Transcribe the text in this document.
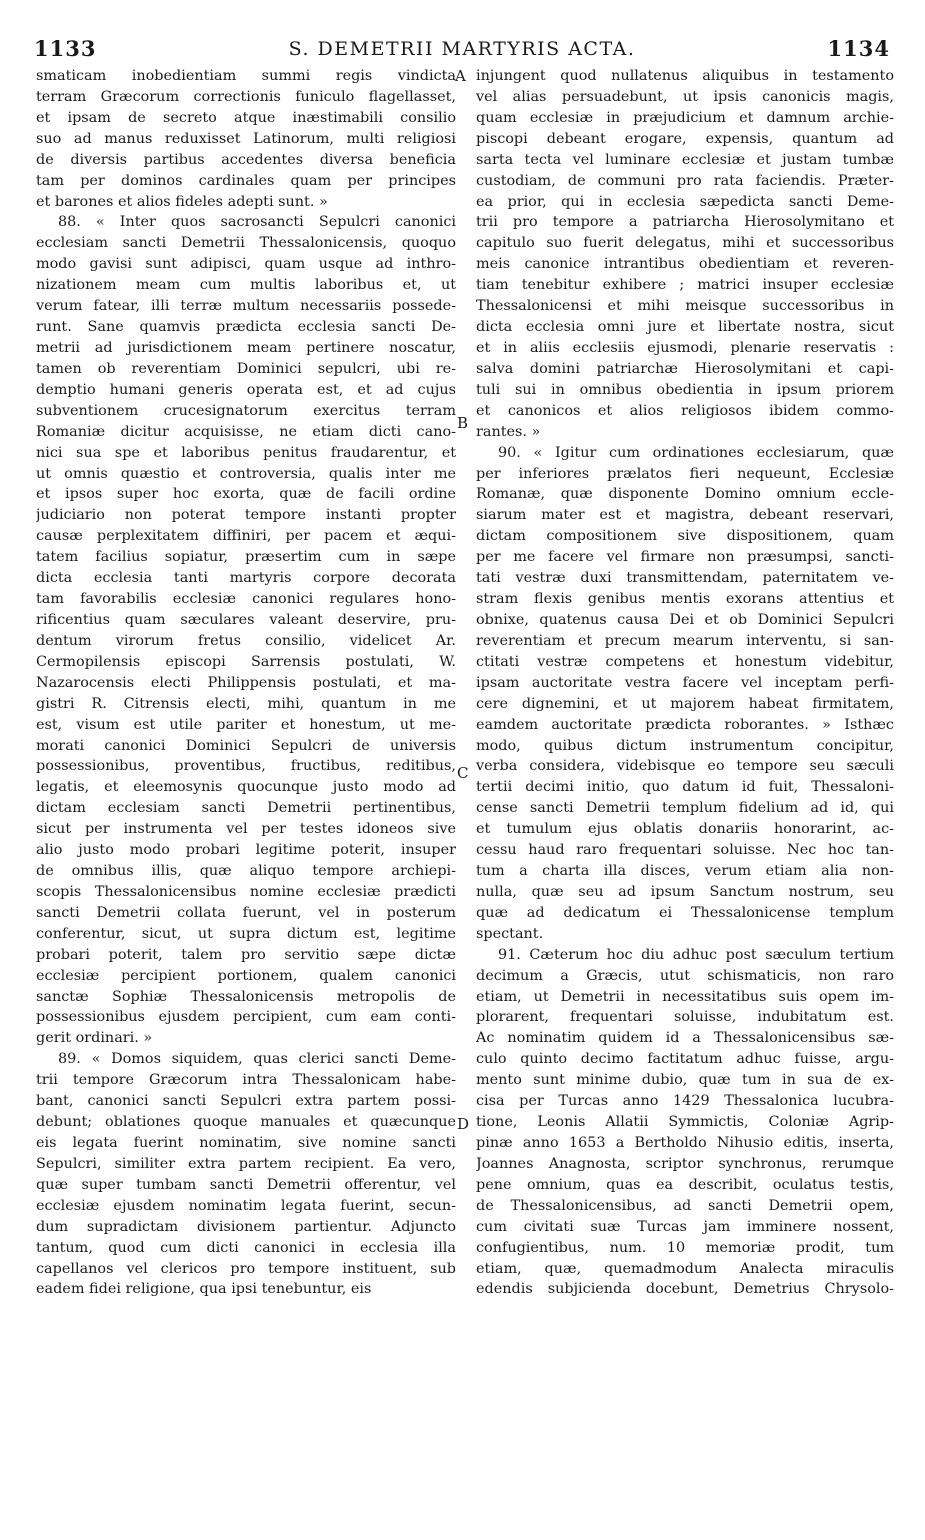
1133	S. DEMETRII MARTYRIS ACTA.	1134
smaticam inobedientiam summi regis vindicta
terram Græcorum correctionis funiculo flagellasset,
et ipsam de secreto atque inæstimabili consilio
suo ad manus reduxisset Latinorum, multi religiosi
de diversis partibus accedentes diversa beneficia
tam per dominos cardinales quam per principes
et barones et alios fideles adepti sunt. »
88. « Inter quos sacrosancti Sepulcri canonici
ecclesiam sancti Demetrii Thessalonicensis, quoquo
modo gavisi sunt adipisci, quam usque ad inthro-
nizationem meam cum multis laboribus et, ut
verum fatear, illi terræ multum necessariis possede-
runt. Sane quamvis prædicta ecclesia sancti De-
metrii ad jurisdictionem meam pertinere noscatur,
tamen ob reverentiam Dominici sepulcri, ubi re-
demptio humani generis operata est, et ad cujus
subventionem crucesignatorum exercitus terram
Romaniæ dicitur acquisisse, ne etiam dicti cano-
nici sua spe et laboribus penitus fraudarentur, et
ut omnis quæstio et controversia, qualis inter me
et ipsos super hoc exorta, quæ de facili ordine
judiciario non poterat tempore instanti propter
causæ perplexitatem diffiniri, per pacem et æqui-
tatem facilius sopiatur, præsertim cum in sæpe
dicta ecclesia tanti martyris corpore decorata
tam favorabilis ecclesiæ canonici regulares hono-
rificentius quam sæculares valeant deservire, pru-
dentum virorum fretus consilio, videlicet Ar.
Cermopilensis episcopi Sarrensis postulati, W.
Nazarocensis electi Philippensis postulati, et ma-
gistri R. Citrensis electi, mihi, quantum in me
est, visum est utile pariter et honestum, ut me-
morati canonici Dominici Sepulcri de universis
possessionibus, proventibus, fructibus, reditibus,
legatis, et eleemosynis quocunque justo modo ad
dictam ecclesiam sancti Demetrii pertinentibus,
sicut per instrumenta vel per testes idoneos sive
alio justo modo probari legitime poterit, insuper
de omnibus illis, quæ aliquo tempore archiepi-
scopis Thessalonicensibus nomine ecclesiæ prædicti
sancti Demetrii collata fuerunt, vel in posterum
conferentur, sicut, ut supra dictum est, legitime
probari poterit, talem pro servitio sæpe dictæ
ecclesiæ percipient portionem, qualem canonici
sanctæ Sophiæ Thessalonicensis metropolis de
possessionibus ejusdem percipient, cum eam conti-
gerit ordinari. »
89. « Domos siquidem, quas clerici sancti Deme-
trii tempore Græcorum intra Thessalonicam habe-
bant, canonici sancti Sepulcri extra partem possi-
debunt; oblationes quoque manuales et quæcunque
eis legata fuerint nominatim, sive nomine sancti
Sepulcri, similiter extra partem recipient. Ea vero,
quæ super tumbam sancti Demetrii offerentur, vel
ecclesiæ ejusdem nominatim legata fuerint, secun-
dum supradictam divisionem partientur. Adjuncto
tantum, quod cum dicti canonici in ecclesia illa
capellanos vel clericos pro tempore instituent, sub
eadem fidei religione, qua ipsi tenebuntur, eis
injungent quod nullatenus aliquibus in testamento
vel alias persuadebunt, ut ipsis canonicis magis,
quam ecclesiæ in præjudicium et damnum archie-
piscopi debeant erogare, expensis, quantum ad
sarta tecta vel luminare ecclesiæ et justam tumbæ
custodiam, de communi pro rata faciendis. Præter-
ea prior, qui in ecclesia sæpedicta sancti Deme-
trii pro tempore a patriarcha Hierosolymitano et
capitulo suo fuerit delegatus, mihi et successoribus
meis canonice intrantibus obedientiam et reveren-
tiam tenebitur exhibere ; matrici insuper ecclesiæ
Thessalonicensi et mihi meisque successoribus in
dicta ecclesia omni jure et libertate nostra, sicut
et in aliis ecclesiis ejusmodi, plenarie reservatis :
salva domini patriarchæ Hierosolymitani et capi-
tuli sui in omnibus obedientia in ipsum priorem
et canonicos et alios religiosos ibidem commo-
rantes. »
90. « Igitur cum ordinationes ecclesiarum, quæ
per inferiores prælatos fieri nequeunt, Ecclesiæ
Romanæ, quæ disponente Domino omnium eccle-
siarum mater est et magistra, debeant reservari,
dictam compositionem sive dispositionem, quam
per me facere vel firmare non præsumpsi, sancti-
tati vestræ duxi transmittendam, paternitatem ve-
stram flexis genibus mentis exorans attentius et
obnixe, quatenus causa Dei et ob Dominici Sepulcri
reverentiam et precum mearum interventu, si san-
ctitati vestræ competens et honestum videbitur,
ipsam auctoritate vestra facere vel inceptam perfi-
cere dignemini, et ut majorem habeat firmitatem,
eamdem auctoritate prædicta roborantes. » Isthæc
modo, quibus dictum instrumentum concipitur,
verba considera, videbisque eo tempore seu sæculi
tertii decimi initio, quo datum id fuit, Thessaloni-
cense sancti Demetrii templum fidelium ad id, qui
et tumulum ejus oblatis donariis honorarint, ac-
cessu haud raro frequentari soluisse. Nec hoc tan-
tum a charta illa disces, verum etiam alia non-
nulla, quæ seu ad ipsum Sanctum nostrum, seu
quæ ad dedicatum ei Thessalonicense templum
spectant.
91. Cæterum hoc diu adhuc post sæculum tertium
decimum a Græcis, utut schismaticis, non raro
etiam, ut Demetrii in necessitatibus suis opem im-
plorarent, frequentari soluisse, indubitatum est.
Ac nominatim quidem id a Thessalonicensibus sæ-
culo quinto decimo factitatum adhuc fuisse, argu-
mento sunt minime dubio, quæ tum in sua de ex-
cisa per Turcas anno 1429 Thessalonica lucubra-
tione, Leonis Allatii Symmictis, Coloniæ Agrip-
pinæ anno 1653 a Bertholdo Nihusio editis, inserta,
Joannes Anagnosta, scriptor synchronus, rerumque
pene omnium, quas ea describit, oculatus testis,
de Thessalonicensibus, ad sancti Demetrii opem,
cum civitati suæ Turcas jam imminere nossent,
confugientibus, num. 10 memoriæ prodit, tum
etiam, quæ, quemadmodum Analecta miraculis
edendis subjicienda docebunt, Demetrius Chrysolo-
A
B
C
D
